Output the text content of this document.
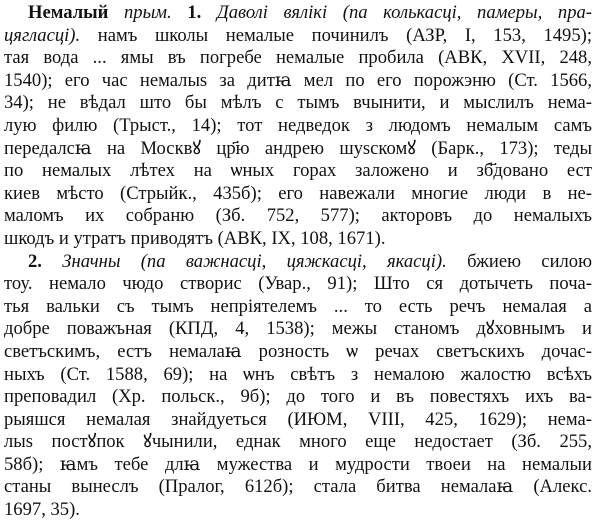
Немалый прым. 1. Даволі вялікі (па колькасці, памеры, пра-
цягласці). намъ школы немалые починилъ (АЗР, I, 153, 1495);
тая вода ... ямы въ погребе немалые пробила (АВК, XVII, 248,
1540); его час немалыs за дитꙗ мел по его порожэню (Ст. 1566,
34); не вѣдал што бы мѣлъ с тымъ вчынити, и мыслилъ нема-
лую филю (Трыст., 14); тот недведок з людомъ немалым самъ
передалсꙗ на Москвꙋ цр҃ю андрею шуѕскомꙋ (Барк., 173); теды
по немалых лѣтех на ѡных горах заложено и зб҃довано ест
киев мѣсто (Стрыйк., 435б); его навежали многие люди в не-
маломъ их собраню (Зб. 752, 577); акторовъ до немалыхъ
шкодъ и утратъ приводятъ (АВК, IX, 108, 1671).
2. Значны (па важнасці, цяжкасці, якасці). бжиею силою
тоу. немало чюдо створис (Увар., 91); Што ся дотычеть поча-
тья вальки съ тымъ непріятелемъ ... то есть речъ немалая а
добре поважъная (КПД, 4, 1538); межы станомъ дꙋховнымъ и
светъскимъ, естъ немалаꙗ розность ѡ речах светъскихъ дочас-
ныхъ (Ст. 1588, 69); на ѡнъ свѣтъ з немалою жалостю всѣхъ
преповадил (Хр. польск., 9б); до того и въ повестяхъ ихъ ва-
рыяшся немалая знайдуеться (ИЮМ, VIII, 425, 1629); нема-
лыs постꙋпок ꙋчынили, еднак много еще недостает (Зб. 255,
58б); ꙗмъ тебе длꙗ мужества и мудрости твоеи на немалыи
станы вынеслъ (Пралог, 612б); стала битва немалаꙗ (Алекс.
1697, 35).
